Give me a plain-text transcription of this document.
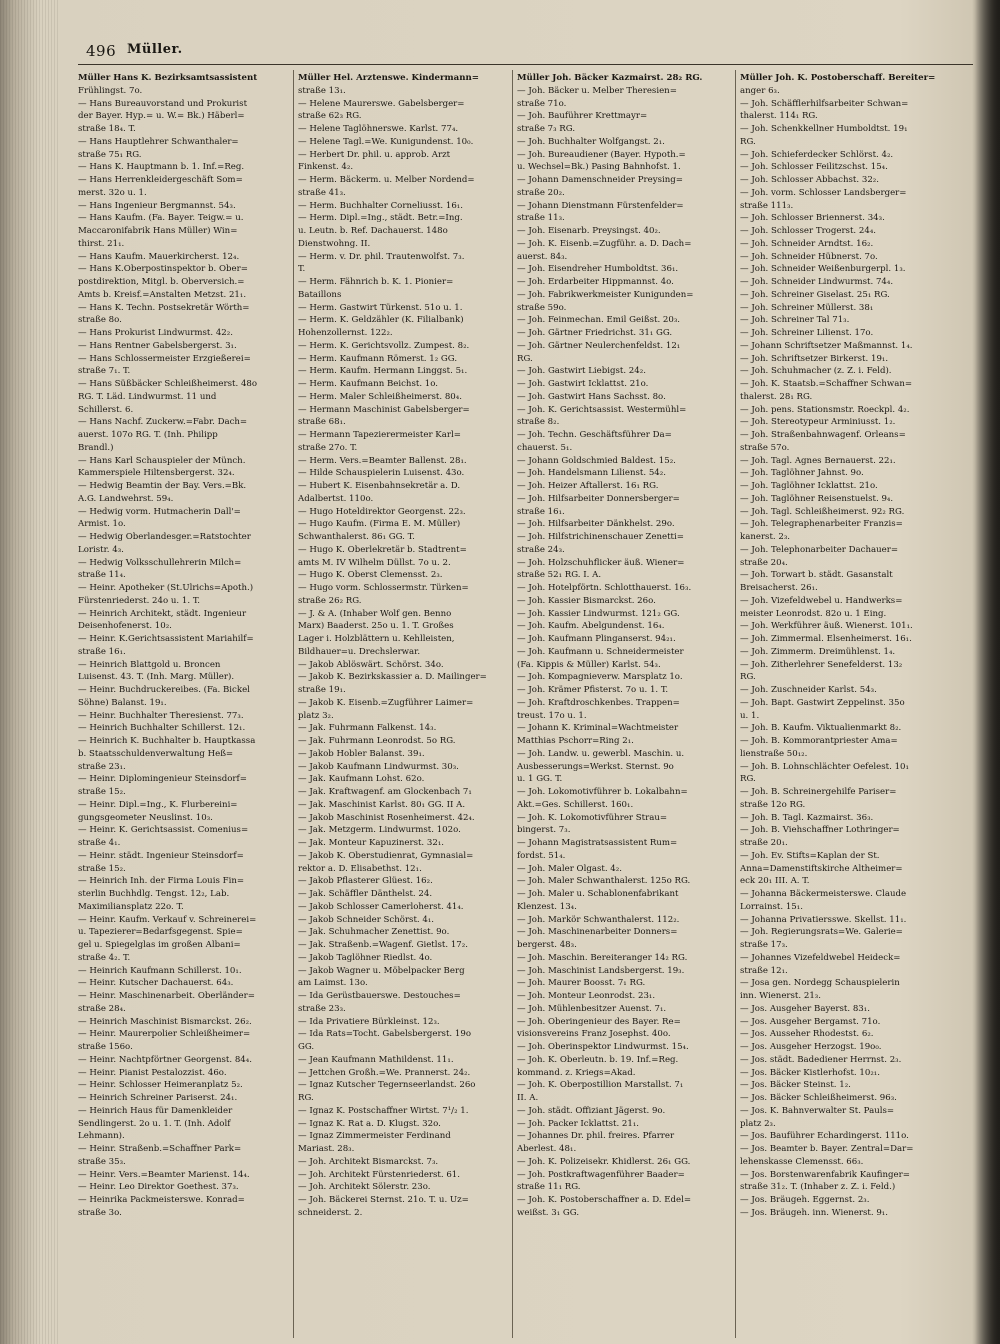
496 Müller.
Müller Hans K. Bezirksamtsassistent
Frühlingst. 7o.
— Hans Bureauvorstand und Prokurist
der Bayer. Hyp.= u. W.= Bk.) Häberl=
straße 18₄. T.
— Hans Hauptlehrer Schwanthaler=
straße 75₁ RG.
— Hans K. Hauptmann b. 1. Inf.=Reg.
— Hans Herrenkleidergeschäft Som=
merst. 32o u. 1.
— Hans Ingenieur Bergmannst. 54₃.
— Hans Kaufm. (Fa. Bayer. Teigw.= u.
Maccaronifabrik Hans Müller) Win=
thirst. 21₁.
— Hans Kaufm. Mauerkircherst. 12₄.
— Hans K.Oberpostinspektor b. Ober=
postdirektion, Mitgl. b. Oberversich.=
Amts b. Kreisf.=Anstalten Metzst. 21₁.
— Hans K. Techn. Postsekretär Wörth=
straße 8o.
— Hans Prokurist Lindwurmst. 42₂.
— Hans Rentner Gabelsbergerst. 3₁.
— Hans Schlossermeister Erzgießerei=
straße 7₁. T.
— Hans Süßbäcker Schleißheimerst. 48o
RG. T. Läd. Lindwurmst. 11 und
Schillerst. 6.
— Hans Nachf. Zuckerw.=Fabr. Dach=
auerst. 107o RG. T. (Inh. Philipp
Brandl.)
— Hans Karl Schauspieler der Münch.
Kammerspiele Hiltensbergerst. 32₄.
— Hedwig Beamtin der Bay. Vers.=Bk.
A.G. Landwehrst. 59₄.
— Hedwig vorm. Hutmacherin Dall'=
Armist. 1o.
— Hedwig Oberlandesger.=Ratstochter
Loristr. 4₃.
— Hedwig Volksschullehrerin Milch=
straße 11₄.
— Heinr. Apotheker (St.Ulrichs=Apoth.)
Fürstenriederst. 24o u. 1. T.
— Heinrich Architekt, städt. Ingenieur
Deisenhofenerst. 10₂.
— Heinr. K.Gerichtsassistent Mariahilf=
straße 16₁.
— Heinrich Blattgold u. Broncen
Luisenst. 43. T. (Inh. Marg. Müller).
— Heinr. Buchdruckereibes. (Fa. Bickel
Söhne) Balanst. 19₁.
— Heinr. Buchhalter Theresienst. 77₃.
— Heinrich Buchhalter Schillerst. 12₁.
— Heinrich K. Buchhalter b. Hauptkassa
b. Staatsschuldenverwaltung Heß=
straße 23₁.
— Heinr. Diplomingenieur Steinsdorf=
straße 15₂.
— Heinr. Dipl.=Ing., K. Flurbereini=
gungsgeometer Neuslinst. 10₃.
— Heinr. K. Gerichtsassist. Comenius=
straße 4₁.
— Heinr. städt. Ingenieur Steinsdorf=
straße 15₂.
— Heinrich Inh. der Firma Louis Fin=
sterlin Buchhdlg. Tengst. 12₂, Lab.
Maximiliansplatz 22o. T.
— Heinr. Kaufm. Verkauf v. Schreinerei=
u. Tapezierer=Bedarfsgegenst. Spie=
gel u. Spiegelglas im großen Albani=
straße 4₂. T.
— Heinrich Kaufmann Schillerst. 10₁.
— Heinr. Kutscher Dachauerst. 64₃.
— Heinr. Maschinenarbeit. Oberländer=
straße 28₄.
— Heinrich Maschinist Bismarckst. 26₂.
— Heinr. Maurerpolier Schleißheimer=
straße 156o.
— Heinr. Nachtpförtner Georgenst. 84₄.
— Heinr. Pianist Pestalozzist. 46o.
— Heinr. Schlosser Heimeranplatz 5₂.
— Heinrich Schreiner Pariserst. 24₁.
— Heinrich Haus für Damenkleider
Sendlingerst. 2o u. 1. T. (Inh. Adolf
Lehmann).
— Heinr. Straßenb.=Schaffner Park=
straße 35₃.
— Heinr. Vers.=Beamter Marienst. 14₄.
— Heinr. Leo Direktor Goethest. 37₃.
— Heinrika Packmeisterswe. Konrad=
straße 3o.
Müller Hel. Arztenswe. Kindermann=
straße 13₁.
— Helene Maurerswe. Gabelsberger=
straße 62₃ RG.
— Helene Taglöhnerswe. Karlst. 77₄.
— Helene Tagl.=We. Kunigundenst. 10₀.
— Herbert Dr. phil. u. approb. Arzt
Finkenst. 4₂.
— Herm. Bäckerm. u. Melber Nordend=
straße 41₃.
— Herm. Buchhalter Corneliusst. 16₁.
— Herm. Dipl.=Ing., städt. Betr.=Ing.
u. Leutn. b. Ref. Dachauerst. 148o
Dienstwohng. II.
— Herm. v. Dr. phil. Trautenwolfst. 7₃.
T.
— Herm. Fähnrich b. K. 1. Pionier=
Bataillons
— Herm. Gastwirt Türkenst. 51o u. 1.
— Herm. K. Geldzähler (K. Filialbank)
Hohenzollernst. 122₂.
— Herm. K. Gerichtsvollz. Zumpest. 8₂.
— Herm. Kaufmann Römerst. 1₂ GG.
— Herm. Kaufm. Hermann Linggst. 5₁.
— Herm. Kaufmann Beichst. 1o.
— Herm. Maler Schleißheimerst. 80₄.
— Hermann Maschinist Gabelsberger=
straße 68₁.
— Hermann Tapezierermeister Karl=
straße 27o. T.
— Herm. Vers.=Beamter Ballenst. 28₁.
— Hilde Schauspielerin Luisenst. 43o.
— Hubert K. Eisenbahnsekretär a. D.
Adalbertst. 110o.
— Hugo Hoteldirektor Georgenst. 22₃.
— Hugo Kaufm. (Firma E. M. Müller)
Schwanthalerst. 86₁ GG. T.
— Hugo K. Oberlekretär b. Stadtrent=
amts M. IV Wilhelm Düllst. 7o u. 2.
— Hugo K. Oberst Clemensst. 2₃.
— Hugo vorm. Schlossermstr. Türken=
straße 26₂ RG.
— J. & A. (Inhaber Wolf gen. Benno
Marx) Baaderst. 25o u. 1. T. Großes
Lager i. Holzblättern u. Kehlleisten,
Bildhauer=u. Drechslerwar.
— Jakob Ablöswärt. Schörst. 34o.
— Jakob K. Bezirkskassier a. D. Mailinger=
straße 19₁.
— Jakob K. Eisenb.=Zugführer Laimer=
platz 3₂.
— Jak. Fuhrmann Falkenst. 14₃.
— Jak. Fuhrmann Leonrodst. 5o RG.
— Jakob Hobler Balanst. 39₁.
— Jakob Kaufmann Lindwurmst. 30₃.
— Jak. Kaufmann Lohst. 62o.
— Jak. Kraftwagenf. am Glockenbach 7₁
— Jak. Maschinist Karlst. 80₁ GG. II A.
— Jakob Maschinist Rosenheimerst. 42₄.
— Jak. Metzgerm. Lindwurmst. 102o.
— Jak. Monteur Kapuzinerst. 32₁.
— Jakob K. Oberstudienrat, Gymnasial=
rektor a. D. Elisabethst. 12₁.
— Jakob Pflasterer Glüest. 16₂.
— Jak. Schäffler Dänthelst. 24.
— Jakob Schlosser Camerloherst. 41₄.
— Jakob Schneider Schörst. 4₁.
— Jak. Schuhmacher Zenettist. 9o.
— Jak. Straßenb.=Wagenf. Gietlst. 17₂.
— Jakob Taglöhner Riedlst. 4o.
— Jakob Wagner u. Möbelpacker Berg
am Laimst. 13o.
— Ida Gerüstbauerswe. Destouches=
straße 23₃.
— Ida Privatiere Bürkleinst. 12₃.
— Ida Rats=Tocht. Gabelsbergerst. 19o
GG.
— Jean Kaufmann Mathildenst. 11₁.
— Jettchen Großh.=We. Prannerst. 24₂.
— Ignaz Kutscher Tegernseerlandst. 26o
RG.
— Ignaz K. Postschaffner Wirtst. 7¹/₂ 1.
— Ignaz K. Rat a. D. Klugst. 32o.
— Ignaz Zimmermeister Ferdinand
Mariast. 28₃.
— Joh. Architekt Bismarckst. 7₃.
— Joh. Architekt Fürstenriederst. 61.
— Joh. Architekt Sölerstr. 23o.
— Joh. Bäckerei Sternst. 21o. T. u. Uz=
schneiderst. 2.
Müller Joh. Bäcker Kazmairst. 28₂ RG.
— Joh. Bäcker u. Melber Theresien=
straße 71o.
— Joh. Bauführer Krettmayr=
straße 7₃ RG.
— Joh. Buchhalter Wolfgangst. 2₁.
— Joh. Bureaudiener (Bayer. Hypoth.=
u. Wechsel=Bk.) Pasing Bahnhofst. 1.
— Johann Damenschneider Preysing=
straße 20₂.
— Johann Dienstmann Fürstenfelder=
straße 11₃.
— Joh. Eisenarb. Preysingst. 40₂.
— Joh. K. Eisenb.=Zugführ. a. D. Dach=
auerst. 84₃.
— Joh. Eisendreher Humboldtst. 36₁.
— Joh. Erdarbeiter Hippmannst. 4o.
— Joh. Fabrikwerkmeister Kunigunden=
straße 59o.
— Joh. Feinmechan. Emil Geißst. 20₃.
— Joh. Gärtner Friedrichst. 31₁ GG.
— Joh. Gärtner Neulerchenfeldst. 12₁
RG.
— Joh. Gastwirt Liebigst. 24₂.
— Joh. Gastwirt Icklattst. 21o.
— Joh. Gastwirt Hans Sachsst. 8o.
— Joh. K. Gerichtsassist. Westermühl=
straße 8₂.
— Joh. Techn. Geschäftsführer Da=
chauerst. 5₁.
— Johann Goldschmied Baldest. 15₂.
— Joh. Handelsmann Lilienst. 54₂.
— Joh. Heizer Aftallerst. 16₁ RG.
— Joh. Hilfsarbeiter Donnersberger=
straße 16₁.
— Joh. Hilfsarbeiter Dänkhelst. 29o.
— Joh. Hilfstrichinenschauer Zenetti=
straße 24₃.
— Joh. Holzschuhflicker äuß. Wiener=
straße 52₁ RG. I. A.
— Joh. Hotelpförtn. Schlotthauerst. 16₃.
— Joh. Kassier Bismarckst. 26o.
— Joh. Kassier Lindwurmst. 121₂ GG.
— Joh. Kaufm. Abelgundenst. 16₄.
— Joh. Kaufmann Plinganserst. 94₂₁.
— Joh. Kaufmann u. Schneidermeister
(Fa. Kippis & Müller) Karlst. 54₃.
— Joh. Kompagnieverw. Marsplatz 1o.
— Joh. Krämer Pfisterst. 7o u. 1. T.
— Joh. Kraftdroschkenbes. Trappen=
treust. 17o u. 1.
— Johann K. Kriminal=Wachtmeister
Matthias Pschorr=Ring 2₁.
— Joh. Landw. u. gewerbl. Maschin. u.
Ausbesserungs=Werkst. Sternst. 9o
u. 1 GG. T.
— Joh. Lokomotivführer b. Lokalbahn=
Akt.=Ges. Schillerst. 160₁.
— Joh. K. Lokomotivführer Strau=
bingerst. 7₃.
— Johann Magistratsassistent Rum=
fordst. 51₄.
— Joh. Maler Olgast. 4₂.
— Joh. Maler Schwanthalerst. 125o RG.
— Joh. Maler u. Schablonenfabrikant
Klenzest. 13₄.
— Joh. Markör Schwanthalerst. 112₂.
— Joh. Maschinenarbeiter Donners=
bergerst. 48₃.
— Joh. Maschin. Bereiteranger 14₂ RG.
— Joh. Maschinist Landsbergerst. 19₃.
— Joh. Maurer Boosst. 7₁ RG.
— Joh. Monteur Leonrodst. 23₁.
— Joh. Mühlenbesitzer Auenst. 7₁.
— Joh. Oberingenieur des Bayer. Re=
visionsvereins Franz Josephst. 40o.
— Joh. Oberinspektor Lindwurmst. 15₄.
— Joh. K. Oberleutn. b. 19. Inf.=Reg.
kommand. z. Kriegs=Akad.
— Joh. K. Oberpostillion Marstallst. 7₁
II. A.
— Joh. städt. Offiziant Jägerst. 9o.
— Joh. Packer Icklattst. 21₁.
— Johannes Dr. phil. freires. Pfarrer
Aberlest. 48₁.
— Joh. K. Polizeisekr. Khidlerst. 26₁ GG.
— Joh. Postkraftwagenführer Baader=
straße 11₁ RG.
— Joh. K. Postoberschaffner a. D. Edel=
weißst. 3₁ GG.
Müller Joh. K. Postoberschaff. Bereiter=
anger 6₃.
— Joh. Schäfflerhilfsarbeiter Schwan=
thalerst. 114₁ RG.
— Joh. Schenkkellner Humboldtst. 19₁
RG.
— Joh. Schieferdecker Schlörst. 4₂.
— Joh. Schlosser Feilitzschst. 15₄.
— Joh. Schlosser Abbachst. 32₂.
— Joh. vorm. Schlosser Landsberger=
straße 111₃.
— Joh. Schlosser Briennerst. 34₃.
— Joh. Schlosser Trogerst. 24₄.
— Joh. Schneider Arndtst. 16₂.
— Joh. Schneider Hübnerst. 7o.
— Joh. Schneider Weißenburgerpl. 1₃.
— Joh. Schneider Lindwurmst. 74₄.
— Joh. Schreiner Giselast. 25₁ RG.
— Joh. Schreiner Müllerst. 38₁
— Joh. Schreiner Tal 71₃.
— Joh. Schreiner Lilienst. 17o.
— Johann Schriftsetzer Maßmannst. 1₄.
— Joh. Schriftsetzer Birkerst. 19₁.
— Joh. Schuhmacher (z. Z. i. Feld).
— Joh. K. Staatsb.=Schaffner Schwan=
thalerst. 28₁ RG.
— Joh. pens. Stationsmstr. Roeckpl. 4₂.
— Joh. Stereotypeur Arminiusst. 1₂.
— Joh. Straßenbahnwagenf. Orleans=
straße 57o.
— Joh. Tagl. Agnes Bernauerst. 22₁.
— Joh. Taglöhner Jahnst. 9o.
— Joh. Taglöhner Icklattst. 21o.
— Joh. Taglöhner Reisenstuelst. 9₄.
— Joh. Tagl. Schleißheimerst. 92₂ RG.
— Joh. Telegraphenarbeiter Franzis=
kanerst. 2₃.
— Joh. Telephonarbeiter Dachauer=
straße 20₄.
— Joh. Torwart b. städt. Gasanstalt
Breisacherst. 26₁.
— Joh. Vizefeldwebel u. Handwerks=
meister Leonrodst. 82o u. 1 Eing.
— Joh. Werkführer äuß. Wienerst. 101₁.
— Joh. Zimmermal. Elsenheimerst. 16₁.
— Joh. Zimmerm. Dreimühlenst. 1₄.
— Joh. Zitherlehrer Senefelderst. 13₂
RG.
— Joh. Zuschneider Karlst. 54₃.
— Joh. Bapt. Gastwirt Zeppelinst. 35o
u. 1.
— Joh. B. Kaufm. Viktualienmarkt 8₂.
— Joh. B. Kommorantpriester Ama=
lienstraße 50₁₂.
— Joh. B. Lohnschlächter Oefelest. 10₁
RG.
— Joh. B. Schreinergehilfe Pariser=
straße 12o RG.
— Joh. B. Tagl. Kazmairst. 36₃.
— Joh. B. Viehschaffner Lothringer=
straße 20₁.
— Joh. Ev. Stifts=Kaplan der St.
Anna=Damenstiftskirche Altheimer=
eck 20₁ III. A. T.
— Johanna Bäckermeisterswe. Claude
Lorrainst. 15₁.
— Johanna Privatiersswe. Skellst. 11₁.
— Joh. Regierungsrats=We. Galerie=
straße 17₃.
— Johannes Vizefeldwebel Heideck=
straße 12₁.
— Josa gen. Nordegg Schauspielerin
inn. Wienerst. 21₃.
— Jos. Ausgeher Bayerst. 83₁.
— Jos. Ausgeher Bergamst. 71o.
— Jos. Ausseher Rhodestst. 6₂.
— Jos. Ausgeher Herzogst. 19o₀.
— Jos. städt. Badediener Herrnst. 2₃.
— Jos. Bäcker Kistlerhofst. 10₂₁.
— Jos. Bäcker Steinst. 1₂.
— Jos. Bäcker Schleißheimerst. 96₃.
— Jos. K. Bahnverwalter St. Pauls=
platz 2₃.
— Jos. Bauführer Echardingerst. 111o.
— Jos. Beamter b. Bayer. Zentral=Dar=
lehenskasse Clemensst. 66₃.
— Jos. Borstenwarenfabrik Kaufinger=
straße 31₂. T. (Inhaber z. Z. i. Feld.)
— Jos. Bräugeh. Eggernst. 2₃.
— Jos. Bräugeh. inn. Wienerst. 9₁.
